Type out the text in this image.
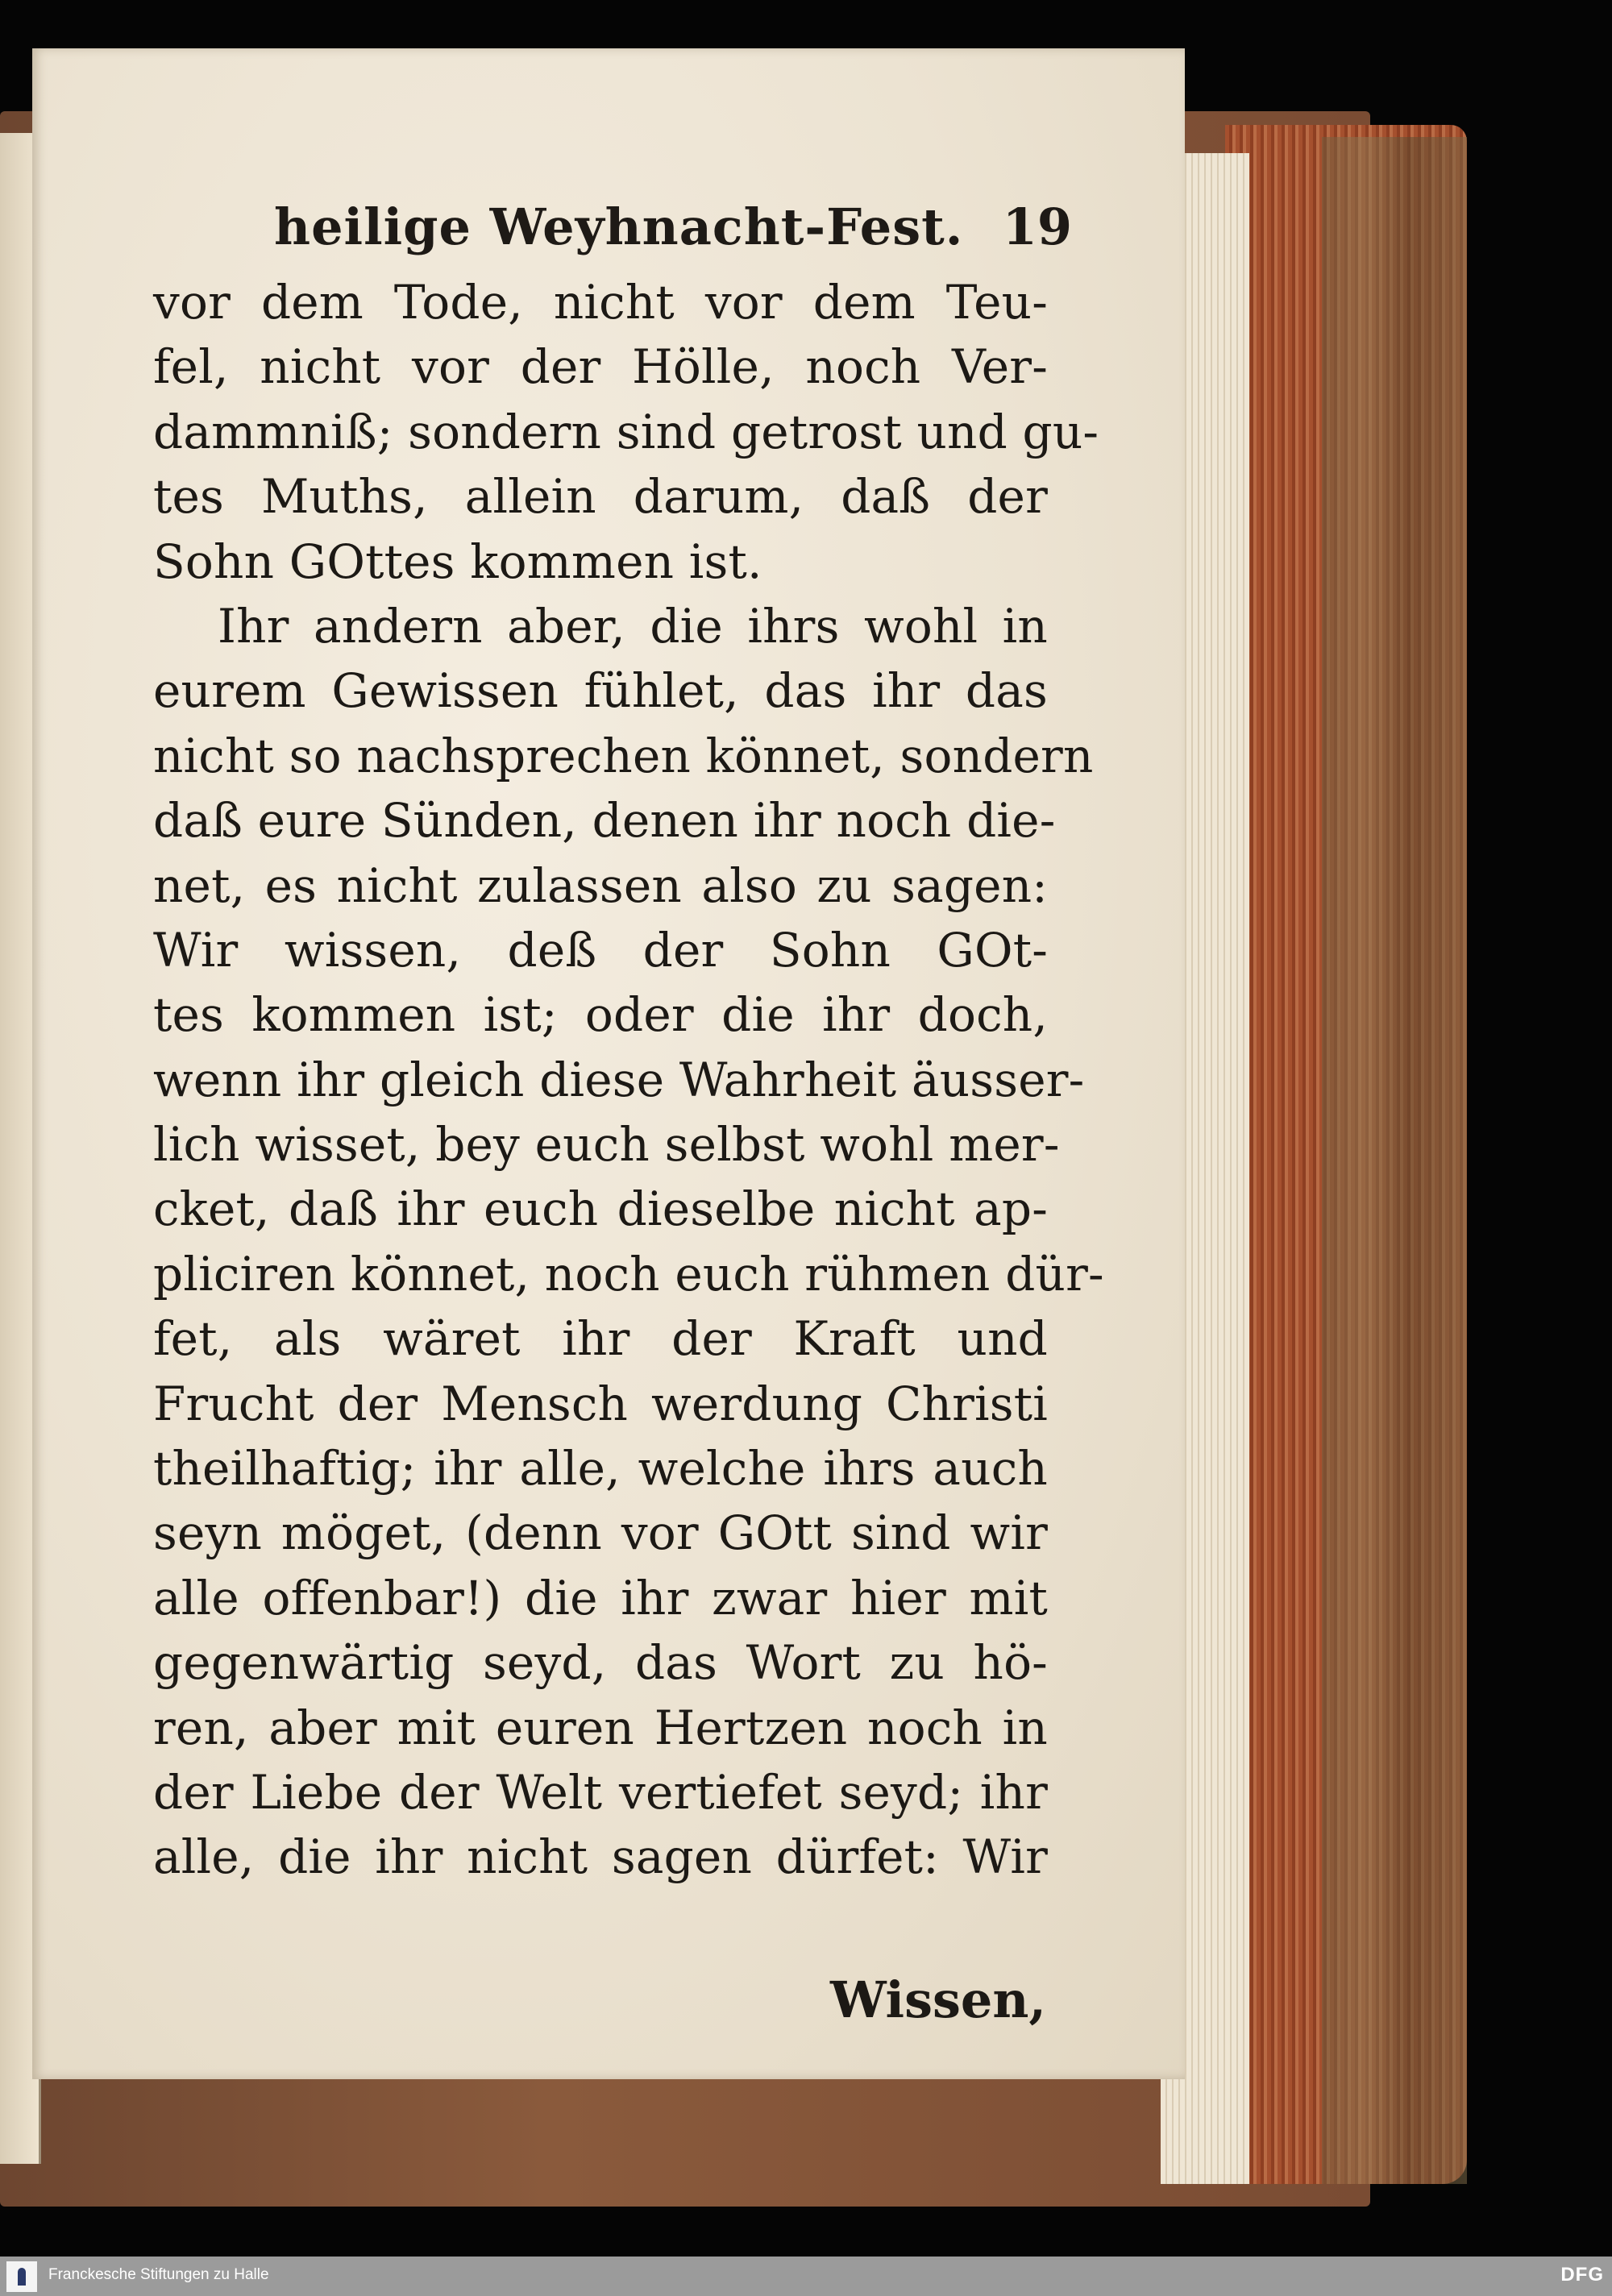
heilige Weyhnacht-Fest. 19
vor dem Tode, nicht vor dem Teu-
fel, nicht vor der Hölle, noch Ver-
dammniß; sondern sind getrost und gu-
tes Muths, allein darum, daß der
Sohn GOttes kommen ist.
Ihr andern aber, die ihrs wohl in
eurem Gewissen fühlet, das ihr das
nicht so nachsprechen könnet, sondern
daß eure Sünden, denen ihr noch die-
net, es nicht zulassen also zu sagen:
Wir wissen, deß der Sohn GOt-
tes kommen ist; oder die ihr doch,
wenn ihr gleich diese Wahrheit äusser-
lich wisset, bey euch selbst wohl mer-
cket, daß ihr euch dieselbe nicht ap-
pliciren könnet, noch euch rühmen dür-
fet, als wäret ihr der Kraft und
Frucht der Mensch werdung Christi
theilhaftig; ihr alle, welche ihrs auch
seyn möget, (denn vor GOtt sind wir
alle offenbar!) die ihr zwar hier mit
gegenwärtig seyd, das Wort zu hö-
ren, aber mit euren Hertzen noch in
der Liebe der Welt vertiefet seyd; ihr
alle, die ihr nicht sagen dürfet: Wir
Wissen,
Franckesche Stiftungen zu Halle	DFG
